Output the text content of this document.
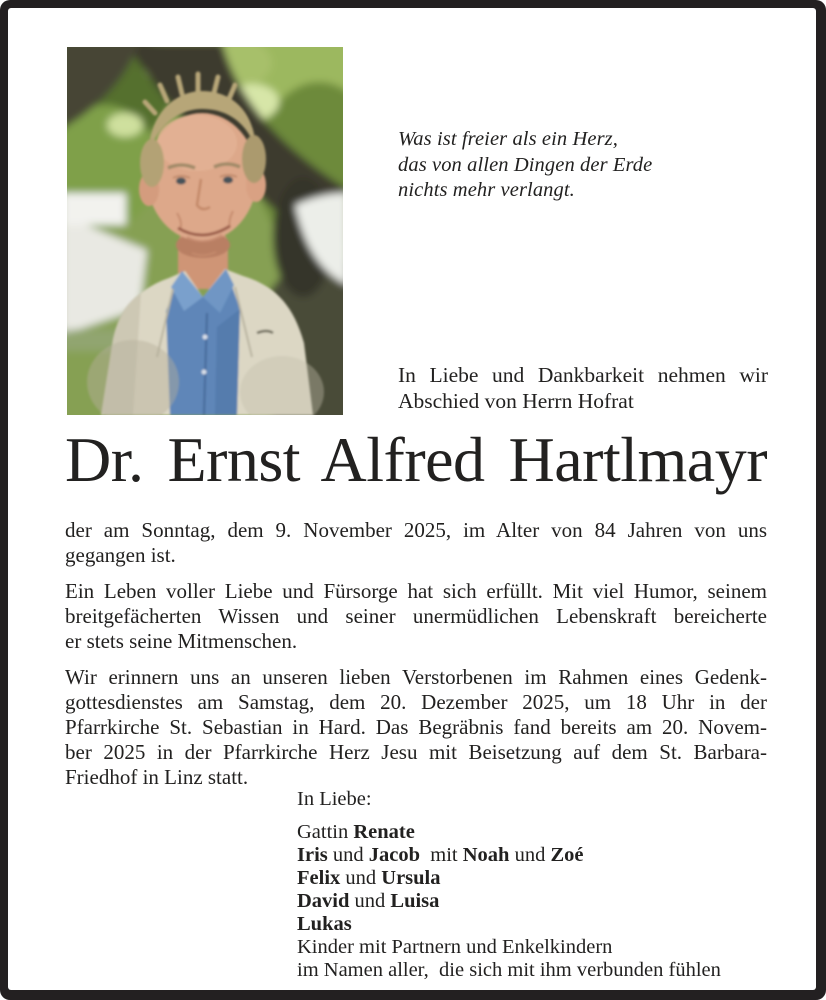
Was ist freier als ein Herz,
das von allen Dingen der Erde
nichts mehr verlangt.
In Liebe und Dankbarkeit nehmen wir
Abschied von Herrn Hofrat
Dr. Ernst Alfred Hartlmayr
der am Sonntag, dem 9. November 2025, im Alter von 84 Jahren von uns
gegangen ist.
Ein Leben voller Liebe und Fürsorge hat sich erfüllt. Mit viel Humor, seinem
breitgefächerten Wissen und seiner unermüdlichen Lebenskraft bereicherte
er stets seine Mitmenschen.
Wir erinnern uns an unseren lieben Verstorbenen im Rahmen eines Gedenk-
gottesdienstes am Samstag, dem 20. Dezember 2025, um 18 Uhr in der
Pfarrkirche St. Sebastian in Hard. Das Begräbnis fand bereits am 20. Novem-
ber 2025 in der Pfarrkirche Herz Jesu mit Beisetzung auf dem St. Barbara-
Friedhof in Linz statt.
In Liebe:
Gattin Renate
Iris und Jacob  mit Noah und Zoé
Felix und Ursula
David und Luisa
Lukas
Kinder mit Partnern und Enkelkindern
im Namen aller,  die sich mit ihm verbunden fühlen
